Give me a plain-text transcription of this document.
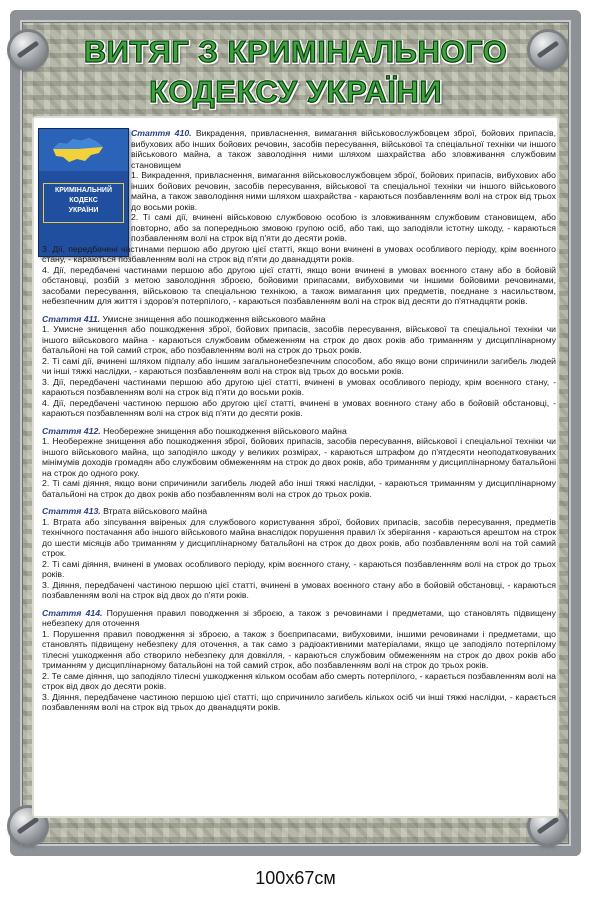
ВИТЯГ З КРИМІНАЛЬНОГО
КОДЕКСУ УКРАЇНИ
КРИМІНАЛЬНИЙ
КОДЕКС
УКРАЇНИ

Стаття 410. Викрадення, привласнення, вимагання військовослужбовцем зброї, бойових припасів, вибухових або інших бойових речовин, засобів пересування, військової та спеціальної техніки чи іншого військового майна, а також заволодіння ними шляхом шахрайства або зловживання службовим становищем

1. Викрадення, привласнення, вимагання військовослужбовцем зброї, бойових припасів, вибухових або інших бойових речовин, засобів пересування, військової та спеціальної техніки чи іншого військового майна, а також заволодіння ними шляхом шахрайства - караються позбавленням волі на строк від трьох до восьми років.

2. Ті самі дії, вчинені військовою службовою особою із зловживанням службовим становищем, або повторно, або за попередньою змовою групою осіб, або такі, що заподіяли істотну шкоду, - караються позбавленням волі на строк від п'яти до десяти років.

3. Дії, передбачені частинами першою або другою цієї статті, якщо вони вчинені в умовах особливого періоду, крім воєнного стану, - караються позбавленням волі на строк від п'яти до дванадцяти років.

4. Дії, передбачені частинами першою або другою цієї статті, якщо вони вчинені в умовах воєнного стану або в бойовій обстановці, розбій з метою заволодіння зброєю, бойовими припасами, вибуховими чи іншими бойовими речовинами, засобами пересування, військовою та спеціальною технікою, а також вимагання цих предметів, поєднане з насильством, небезпечним для життя і здоров'я потерпілого, - караються позбавленням волі на строк від десяти до п'ятнадцяти років.

Стаття 411. Умисне знищення або пошкодження військового майна

1. Умисне знищення або пошкодження зброї, бойових припасів, засобів пересування, військової та спеціальної техніки чи іншого військового майна - караються службовим обмеженням на строк до двох років або триманням у дисциплінарному батальйоні на той самий строк, або позбавленням волі на строк до трьох років.

2. Ті самі дії, вчинені шляхом підпалу або іншим загальнонебезпечним способом, або якщо вони спричинили загибель людей чи інші тяжкі наслідки, - караються позбавленням волі на строк від трьох до восьми років.

3. Дії, передбачені частинами першою або другою цієї статті, вчинені в умовах особливого періоду, крім воєнного стану, - караються позбавленням волі на строк від п'яти до восьми років.

4. Дії, передбачені частиною першою або другою цієї статті, вчинені в умовах воєнного стану або в бойовій обстановці, - караються позбавленням волі на строк від п'яти до десяти років.

Стаття 412. Необережне знищення або пошкодження військового майна

1. Необережне знищення або пошкодження зброї, бойових припасів, засобів пересування, військової і спеціальної техніки чи іншого військового майна, що заподіяло шкоду у великих розмірах, - караються штрафом до п'ятдесяти неоподатковуваних мінімумів доходів громадян або службовим обмеженням на строк до двох років, або триманням у дисциплінарному батальйоні на строк до одного року.

2. Ті самі діяння, якщо вони спричинили загибель людей або інші тяжкі наслідки, - караються триманням у дисциплінарному батальйоні на строк до двох років або позбавленням волі на строк до трьох років.

Стаття 413. Втрата військового майна

1. Втрата або зіпсування ввіреных для службового користування зброї, бойових припасів, засобів пересування, предметів технічного постачання або іншого військового майна внаслідок порушення правил їх зберігання - караються арештом на строк до шести місяців або триманням у дисциплінарному батальйоні на строк до двох років, або позбавленням волі на той самий строк.

2. Ті самі діяння, вчинені в умовах особливого періоду, крім воєнного стану, - караються позбавленням волі на строк до трьох років.

3. Діяння, передбачені частиною першою цієї статті, вчинені в умовах воєнного стану або в бойовій обстановці, - караються позбавленням волі на строк від двох до п'яти років.

Стаття 414. Порушення правил поводження зі зброєю, а також з речовинами і предметами, що становлять підвищену небезпеку для оточення

1. Порушення правил поводження зі зброєю, а також з боєприпасами, вибуховими, іншими речовинами і предметами, що становлять підвищену небезпеку для оточення, а так само з радіоактивними матеріалами, якщо це заподіяло потерпілому тілесні ушкодження або створило небезпеку для довкілля, - караються службовим обмеженням на строк до двох років або триманням у дисциплінарному батальйоні на той самий строк, або позбавленням волі на строк до трьох років.

2. Те саме діяння, що заподіяло тілесні ушкодження кільком особам або смерть потерпілого, - карається позбавленням волі на строк від двох до десяти років.

3. Діяння, передбачене частиною першою цієї статті, що спричинило загибель кількох осіб чи інші тяжкі наслідки, - карається позбавленням волі на строк від трьох до дванадцяти років.

100x67см
